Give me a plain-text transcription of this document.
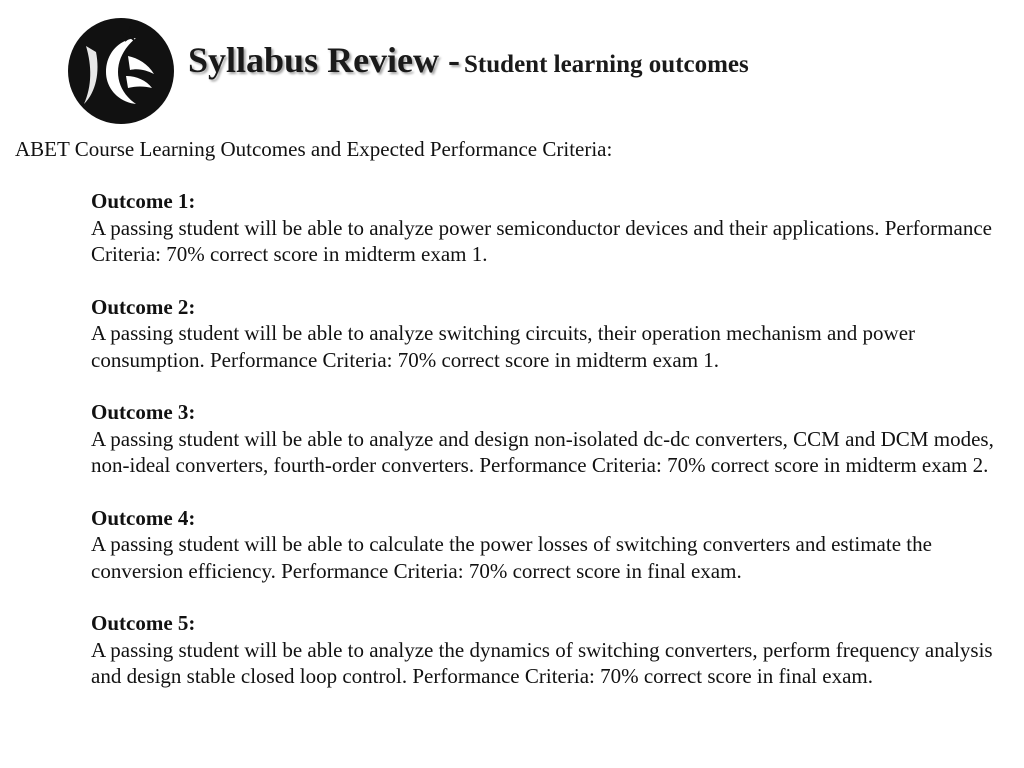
Syllabus Review - Student learning outcomes
ABET Course Learning Outcomes and Expected Performance Criteria:
Outcome 1:
A passing student will be able to analyze power semiconductor devices and their applications. Performance Criteria: 70% correct score in midterm exam 1.
Outcome 2:
A passing student will be able to analyze switching circuits, their operation mechanism and power consumption. Performance Criteria: 70% correct score in midterm exam 1.
Outcome 3:
A passing student will be able to analyze and design non-isolated dc-dc converters, CCM and DCM modes, non-ideal converters, fourth-order converters. Performance Criteria: 70% correct score in midterm exam 2.
Outcome 4:
A passing student will be able to calculate the power losses of switching converters and estimate the conversion efficiency. Performance Criteria: 70% correct score in final exam.
Outcome 5:
A passing student will be able to analyze the dynamics of switching converters, perform frequency analysis and design stable closed loop control. Performance Criteria: 70% correct score in final exam.
